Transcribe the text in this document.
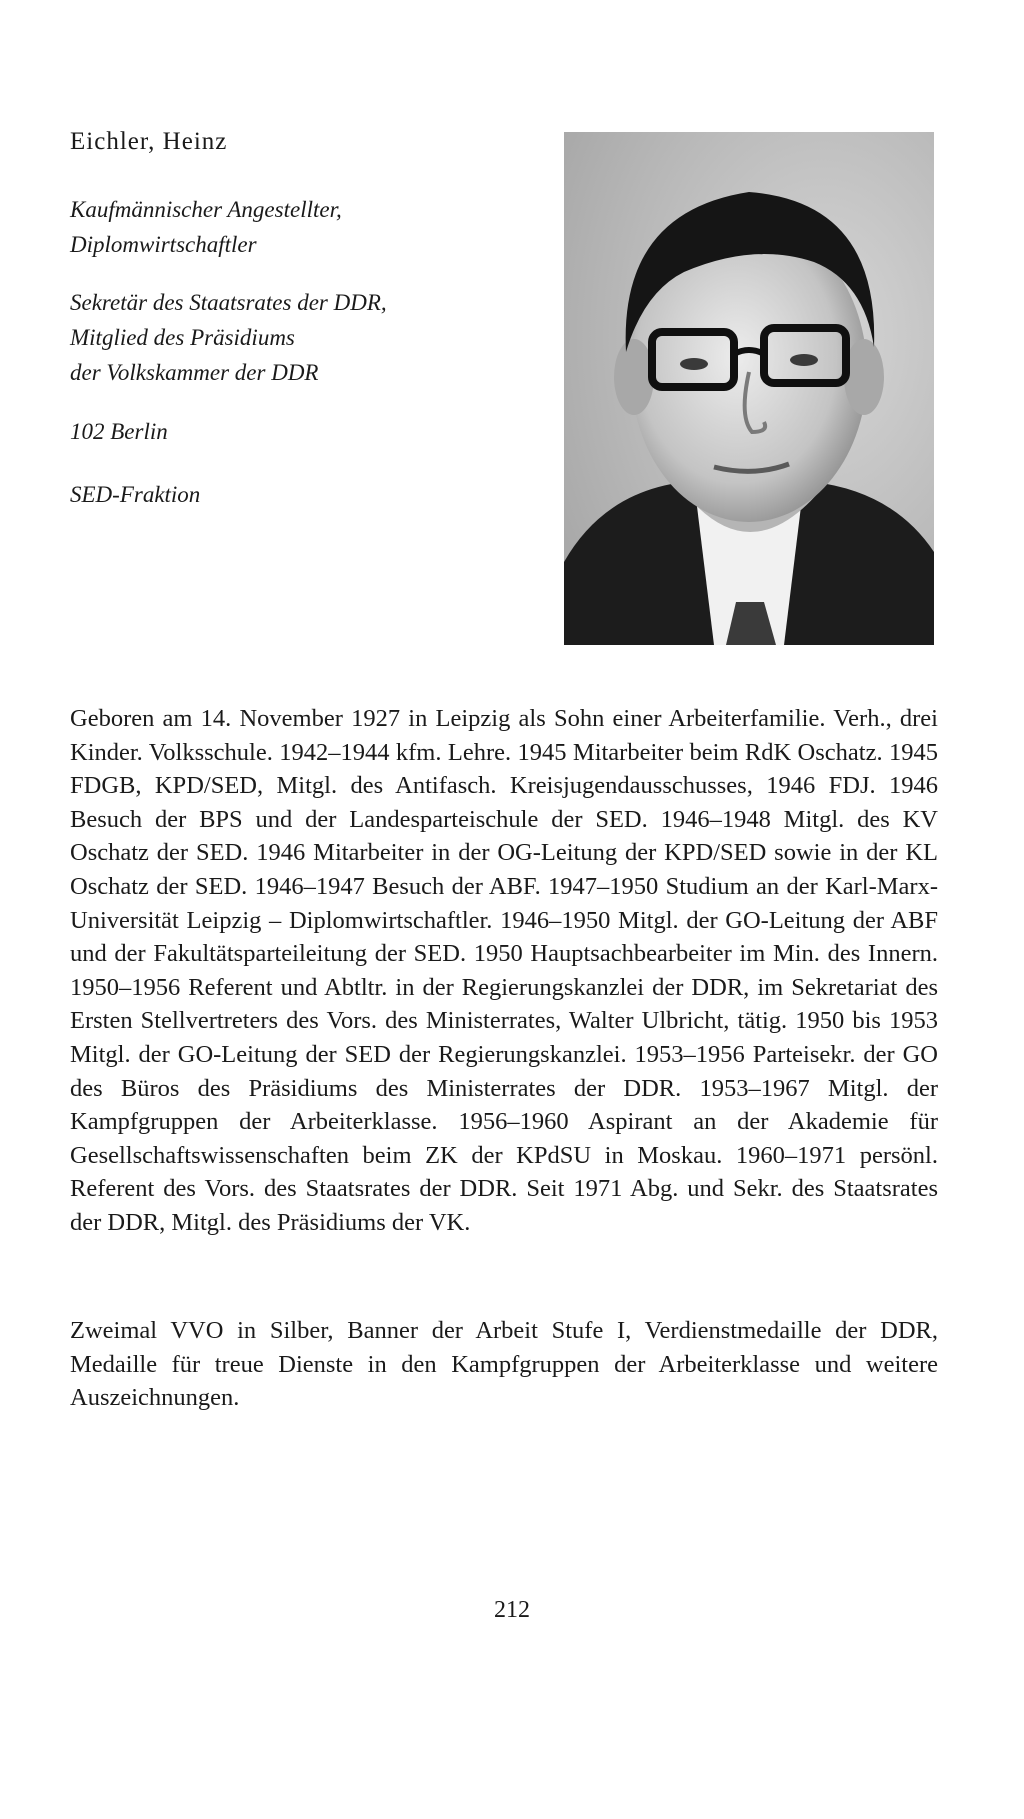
Eichler, Heinz
Kaufmännischer Angestellter,
Diplomwirtschaftler
Sekretär des Staatsrates der DDR,
Mitglied des Präsidiums
der Volkskammer der DDR
102 Berlin
SED-Fraktion

Geboren am 14. November 1927 in Leipzig als Sohn einer Arbeiterfamilie. Verh., drei Kinder. Volksschule. 1942–1944 kfm. Lehre. 1945 Mitarbeiter beim RdK Oschatz. 1945 FDGB, KPD/SED, Mitgl. des Antifasch. Kreisjugendausschusses, 1946 FDJ. 1946 Besuch der BPS und der Landesparteischule der SED. 1946–1948 Mitgl. des KV Oschatz der SED. 1946 Mitarbeiter in der OG-Leitung der KPD/SED sowie in der KL Oschatz der SED. 1946–1947 Besuch der ABF. 1947–1950 Studium an der Karl-Marx-Universität Leipzig – Diplomwirtschaftler. 1946–1950 Mitgl. der GO-Leitung der ABF und der Fakultätsparteileitung der SED. 1950 Hauptsachbearbeiter im Min. des Innern. 1950–1956 Referent und Abtltr. in der Regierungskanzlei der DDR, im Sekretariat des Ersten Stellvertreters des Vors. des Ministerrates, Walter Ulbricht, tätig. 1950 bis 1953 Mitgl. der GO-Leitung der SED der Regierungskanzlei. 1953–1956 Parteisekr. der GO des Büros des Präsidiums des Ministerrates der DDR. 1953–1967 Mitgl. der Kampfgruppen der Arbeiterklasse. 1956–1960 Aspirant an der Akademie für Gesellschaftswissenschaften beim ZK der KPdSU in Moskau. 1960–1971 persönl. Referent des Vors. des Staatsrates der DDR. Seit 1971 Abg. und Sekr. des Staatsrates der DDR, Mitgl. des Präsidiums der VK.

Zweimal VVO in Silber, Banner der Arbeit Stufe I, Verdienstmedaille der DDR, Medaille für treue Dienste in den Kampfgruppen der Arbeiterklasse und weitere Auszeichnungen.

212
